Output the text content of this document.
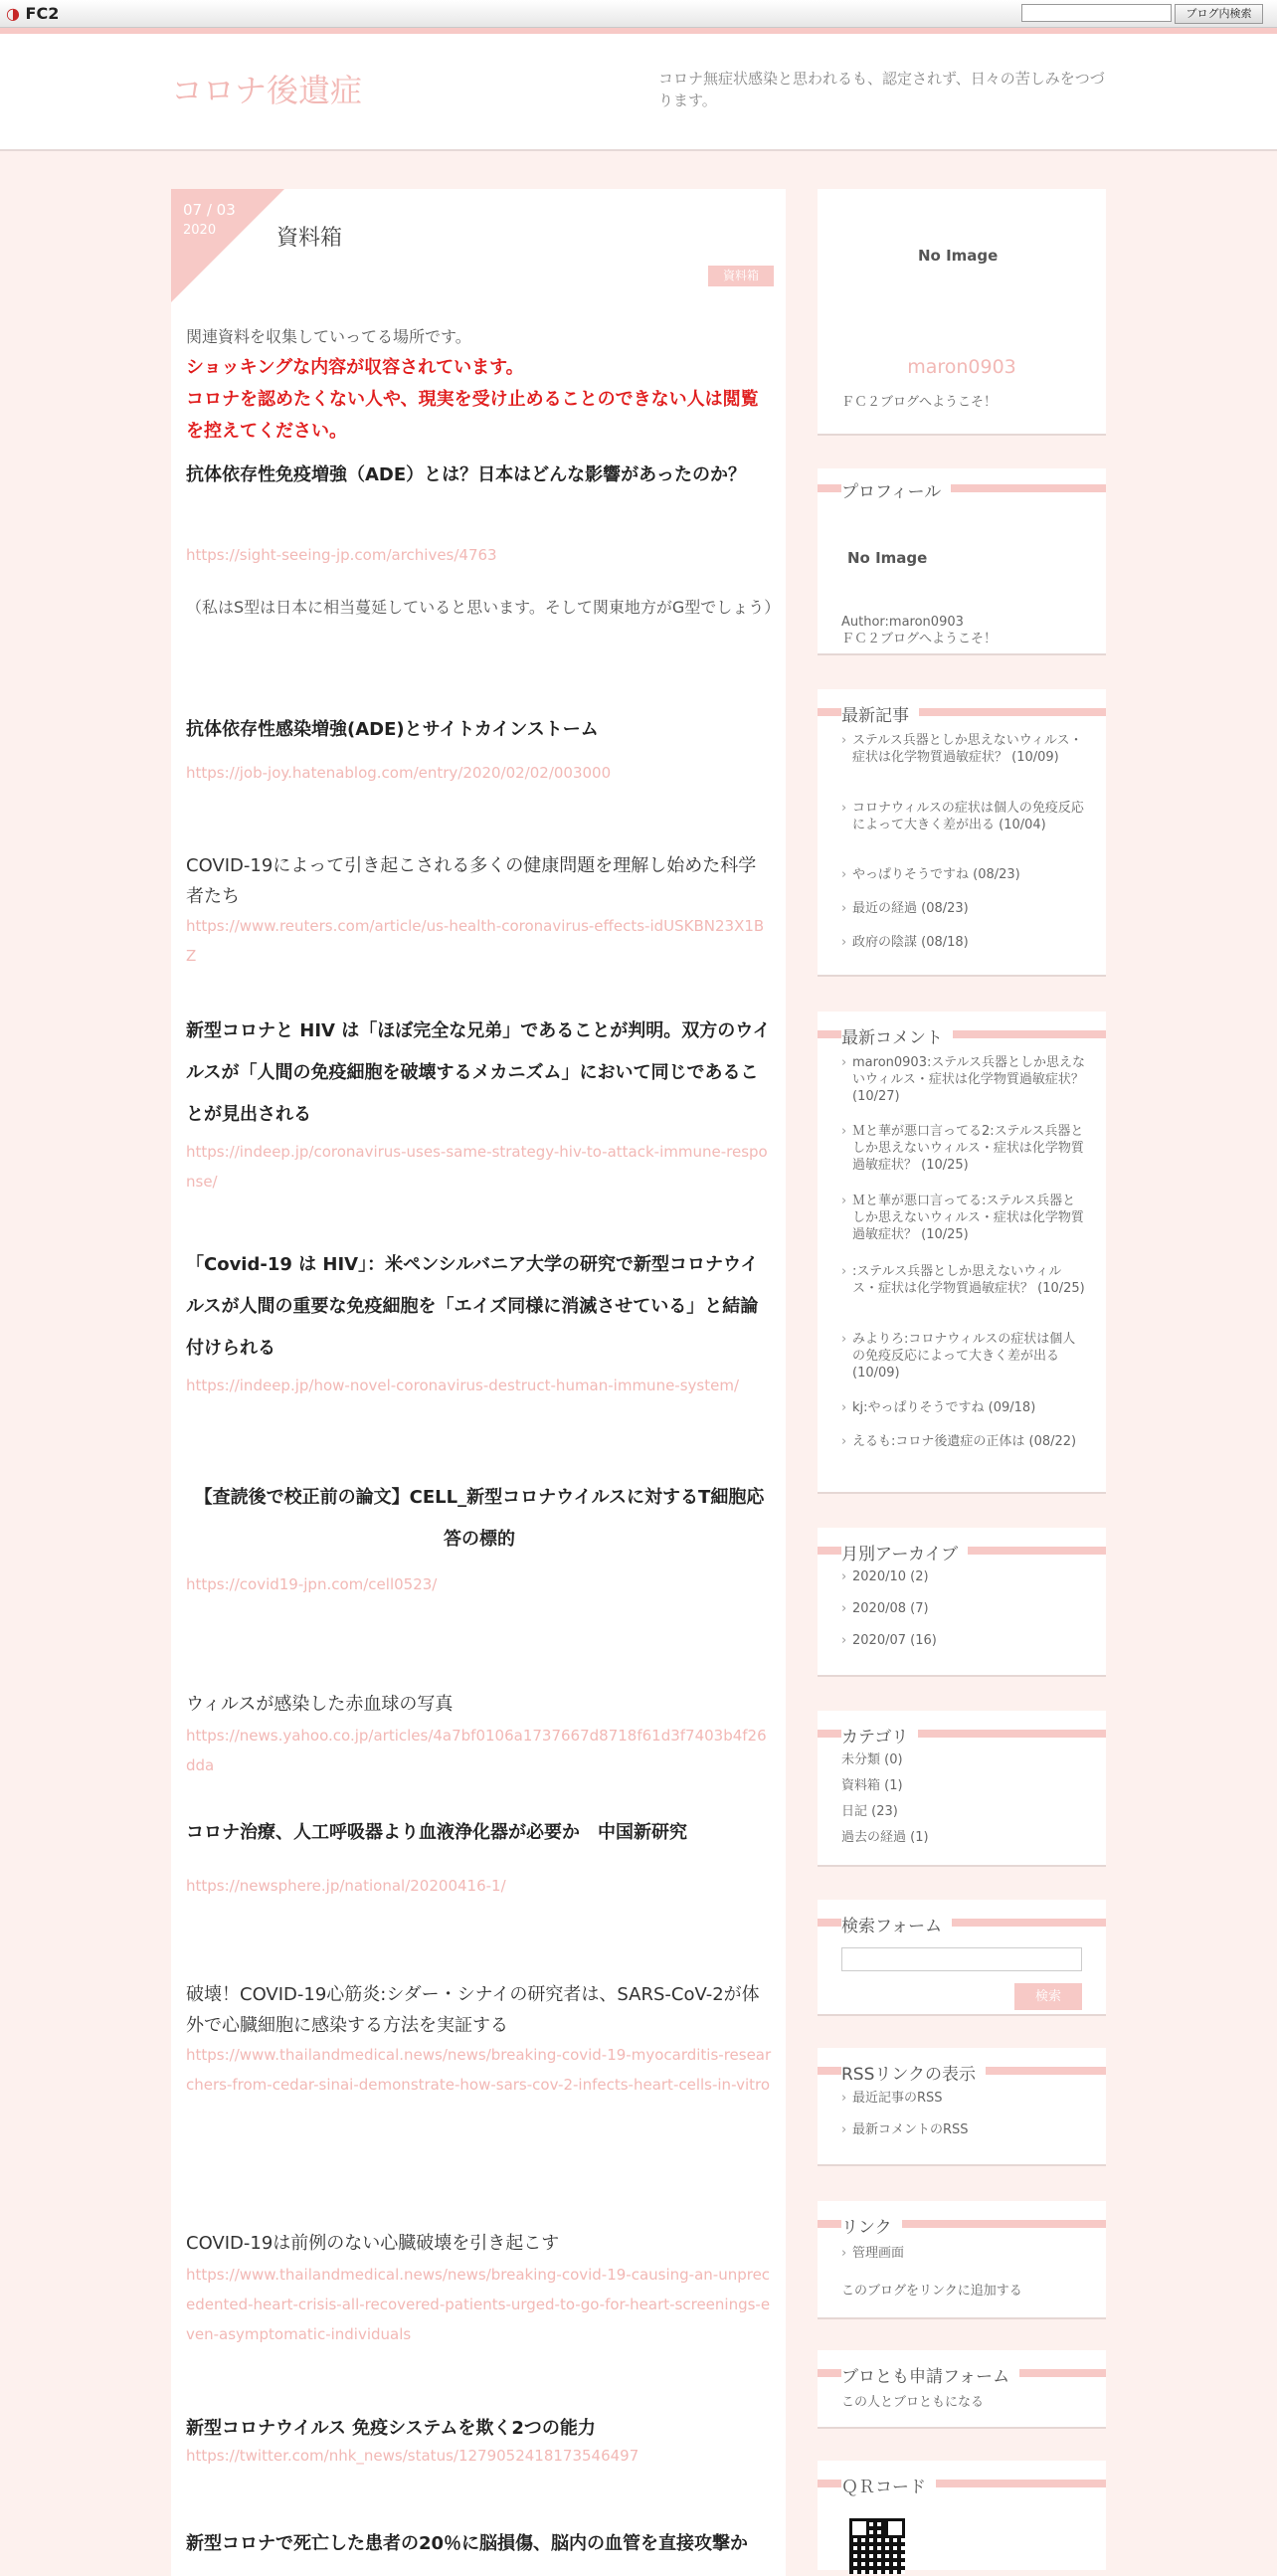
◑ FC2	ブログ内検索
コロナ後遺症	コロナ無症状感染と思われるも、認定されず、日々の苦しみをつづります。
07 / 03
2020	資料箱
資料箱
関連資料を収集していってる場所です。
ショッキングな内容が収容されています。
コロナを認めたくない人や、現実を受け止めることのできない人は閲覧を控えてください。
抗体依存性免疫増強（ADE）とは？日本はどんな影響があったのか？
https://sight-seeing-jp.com/archives/4763
（私はS型は日本に相当蔓延していると思います。そして関東地方がG型でしょう）
抗体依存性感染増強(ADE)とサイトカインストーム
https://job-joy.hatenablog.com/entry/2020/02/02/003000
COVID-19によって引き起こされる多くの健康問題を理解し始めた科学者たち
https://www.reuters.com/article/us-health-coronavirus-effects-idUSKBN23X1BZ
新型コロナと HIV は「ほぼ完全な兄弟」であることが判明。双方のウイルスが「人間の免疫細胞を破壊するメカニズム」において同じであることが見出される
https://indeep.jp/coronavirus-uses-same-strategy-hiv-to-attack-immune-response/
「Covid-19 は HIV」：米ペンシルバニア大学の研究で新型コロナウイルスが人間の重要な免疫細胞を「エイズ同様に消滅させている」と結論付けられる
https://indeep.jp/how-novel-coronavirus-destruct-human-immune-system/
【査読後で校正前の論文】CELL_新型コロナウイルスに対するT細胞応答の標的
https://covid19-jpn.com/cell0523/
ウィルスが感染した赤血球の写真
https://news.yahoo.co.jp/articles/4a7bf0106a1737667d8718f61d3f7403b4f26dda
コロナ治療、人工呼吸器より血液浄化器が必要か　中国新研究
https://newsphere.jp/national/20200416-1/
破壊！COVID-19心筋炎:シダー・シナイの研究者は、SARS-CoV-2が体外で心臓細胞に感染する方法を実証する
https://www.thailandmedical.news/news/breaking-covid-19-myocarditis-researchers-from-cedar-sinai-demonstrate-how-sars-cov-2-infects-heart-cells-in-vitro
COVID-19は前例のない心臓破壊を引き起こす
https://www.thailandmedical.news/news/breaking-covid-19-causing-an-unprecedented-heart-crisis-all-recovered-patients-urged-to-go-for-heart-screenings-even-asymptomatic-individuals
新型コロナウイルス 免疫システムを欺く2つの能力
https://twitter.com/nhk_news/status/1279052418173546497
新型コロナで死亡した患者の20％に脳損傷、脳内の血管を直接攻撃か
No Image
maron0903
ＦＣ２ブログへようこそ！
プロフィール
No Image
Author:maron0903
ＦＣ２ブログへようこそ！
最新記事
› ステルス兵器としか思えないウィルス・症状は化学物質過敏症状？ (10/09)
› コロナウィルスの症状は個人の免疫反応によって大きく差が出る (10/04)
› やっぱりそうですね (08/23)
› 最近の経過 (08/23)
› 政府の陰謀 (08/18)
最新コメント
› maron0903:ステルス兵器としか思えないウィルス・症状は化学物質過敏症状？ (10/27)
› Ｍと華が悪口言ってる2:ステルス兵器としか思えないウィルス・症状は化学物質過敏症状？ (10/25)
› Ｍと華が悪口言ってる:ステルス兵器としか思えないウィルス・症状は化学物質過敏症状？ (10/25)
› :ステルス兵器としか思えないウィルス・症状は化学物質過敏症状？ (10/25)
› みよりろ:コロナウィルスの症状は個人の免疫反応によって大きく差が出る (10/09)
› kj:やっぱりそうですね (09/18)
› えるも:コロナ後遺症の正体は (08/22)
月別アーカイブ
› 2020/10 (2)
› 2020/08 (7)
› 2020/07 (16)
カテゴリ
未分類 (0)
資料箱 (1)
日記 (23)
過去の経過 (1)
検索フォーム
検索
RSSリンクの表示
› 最近記事のRSS
› 最新コメントのRSS
リンク
› 管理画面
このブログをリンクに追加する
ブロとも申請フォーム
この人とブロともになる
ＱＲコード
